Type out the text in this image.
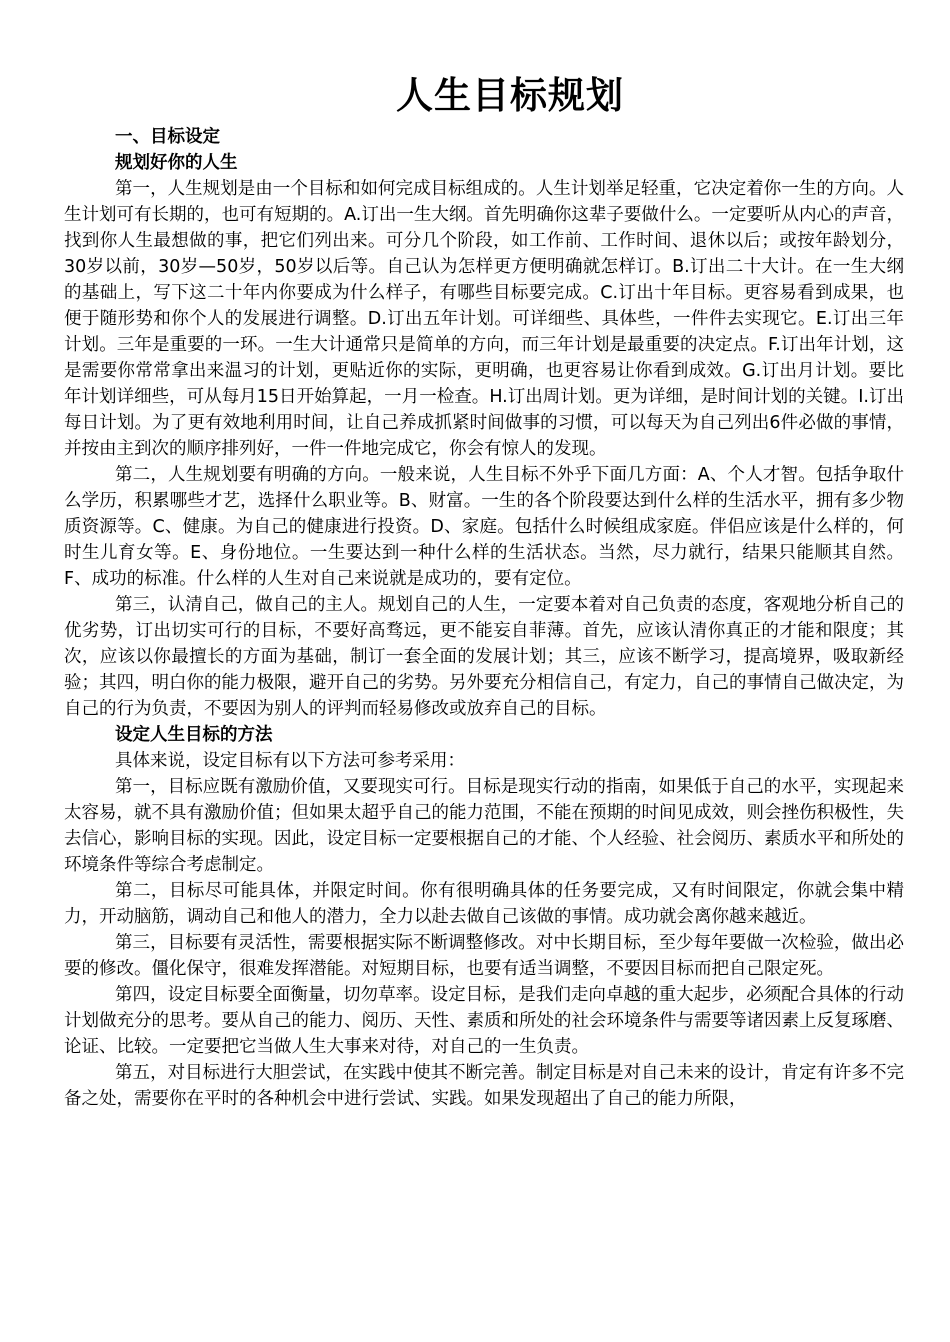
人生目标规划
一、目标设定
规划好你的人生

第一，人生规划是由一个目标和如何完成目标组成的。人生计划举足轻重，它决定着你一生的方向。人生计划可有长期的，也可有短期的。A.订出一生大纲。首先明确你这辈子要做什么。一定要听从内心的声音，找到你人生最想做的事，把它们列出来。可分几个阶段，如工作前、工作时间、退休以后；或按年龄划分，30岁以前，30岁—50岁，50岁以后等。自己认为怎样更方便明确就怎样订。B.订出二十大计。在一生大纲的基础上，写下这二十年内你要成为什么样子，有哪些目标要完成。C.订出十年目标。更容易看到成果，也便于随形势和你个人的发展进行调整。D.订出五年计划。可详细些、具体些，一件件去实现它。E.订出三年计划。三年是重要的一环。一生大计通常只是简单的方向，而三年计划是最重要的决定点。F.订出年计划，这是需要你常常拿出来温习的计划，更贴近你的实际，更明确，也更容易让你看到成效。G.订出月计划。要比年计划详细些，可从每月15日开始算起，一月一检查。H.订出周计划。更为详细，是时间计划的关键。I.订出每日计划。为了更有效地利用时间，让自己养成抓紧时间做事的习惯，可以每天为自己列出6件必做的事情，并按由主到次的顺序排列好，一件一件地完成它，你会有惊人的发现。

第二，人生规划要有明确的方向。一般来说，人生目标不外乎下面几方面：A、个人才智。包括争取什么学历，积累哪些才艺，选择什么职业等。B、财富。一生的各个阶段要达到什么样的生活水平，拥有多少物质资源等。C、健康。为自己的健康进行投资。D、家庭。包括什么时候组成家庭。伴侣应该是什么样的，何时生儿育女等。E、身份地位。一生要达到一种什么样的生活状态。当然，尽力就行，结果只能顺其自然。F、成功的标准。什么样的人生对自己来说就是成功的，要有定位。

第三，认清自己，做自己的主人。规划自己的人生，一定要本着对自己负责的态度，客观地分析自己的优劣势，订出切实可行的目标，不要好高骛远，更不能妄自菲薄。首先，应该认清你真正的才能和限度；其次，应该以你最擅长的方面为基础，制订一套全面的发展计划；其三，应该不断学习，提高境界，吸取新经验；其四，明白你的能力极限，避开自己的劣势。另外要充分相信自己，有定力，自己的事情自己做决定，为自己的行为负责，不要因为别人的评判而轻易修改或放弃自己的目标。

设定人生目标的方法

具体来说，设定目标有以下方法可参考采用：

第一，目标应既有激励价值，又要现实可行。目标是现实行动的指南，如果低于自己的水平，实现起来太容易，就不具有激励价值；但如果太超乎自己的能力范围，不能在预期的时间见成效，则会挫伤积极性，失去信心，影响目标的实现。因此，设定目标一定要根据自己的才能、个人经验、社会阅历、素质水平和所处的环境条件等综合考虑制定。

第二，目标尽可能具体，并限定时间。你有很明确具体的任务要完成，又有时间限定，你就会集中精力，开动脑筋，调动自己和他人的潜力，全力以赴去做自己该做的事情。成功就会离你越来越近。

第三，目标要有灵活性，需要根据实际不断调整修改。对中长期目标，至少每年要做一次检验，做出必要的修改。僵化保守，很难发挥潜能。对短期目标，也要有适当调整，不要因目标而把自己限定死。

第四，设定目标要全面衡量，切勿草率。设定目标，是我们走向卓越的重大起步，必须配合具体的行动计划做充分的思考。要从自己的能力、阅历、天性、素质和所处的社会环境条件与需要等诸因素上反复琢磨、论证、比较。一定要把它当做人生大事来对待，对自己的一生负责。

第五，对目标进行大胆尝试，在实践中使其不断完善。制定目标是对自己未来的设计，肯定有许多不完备之处，需要你在平时的各种机会中进行尝试、实践。如果发现超出了自己的能力所限，
